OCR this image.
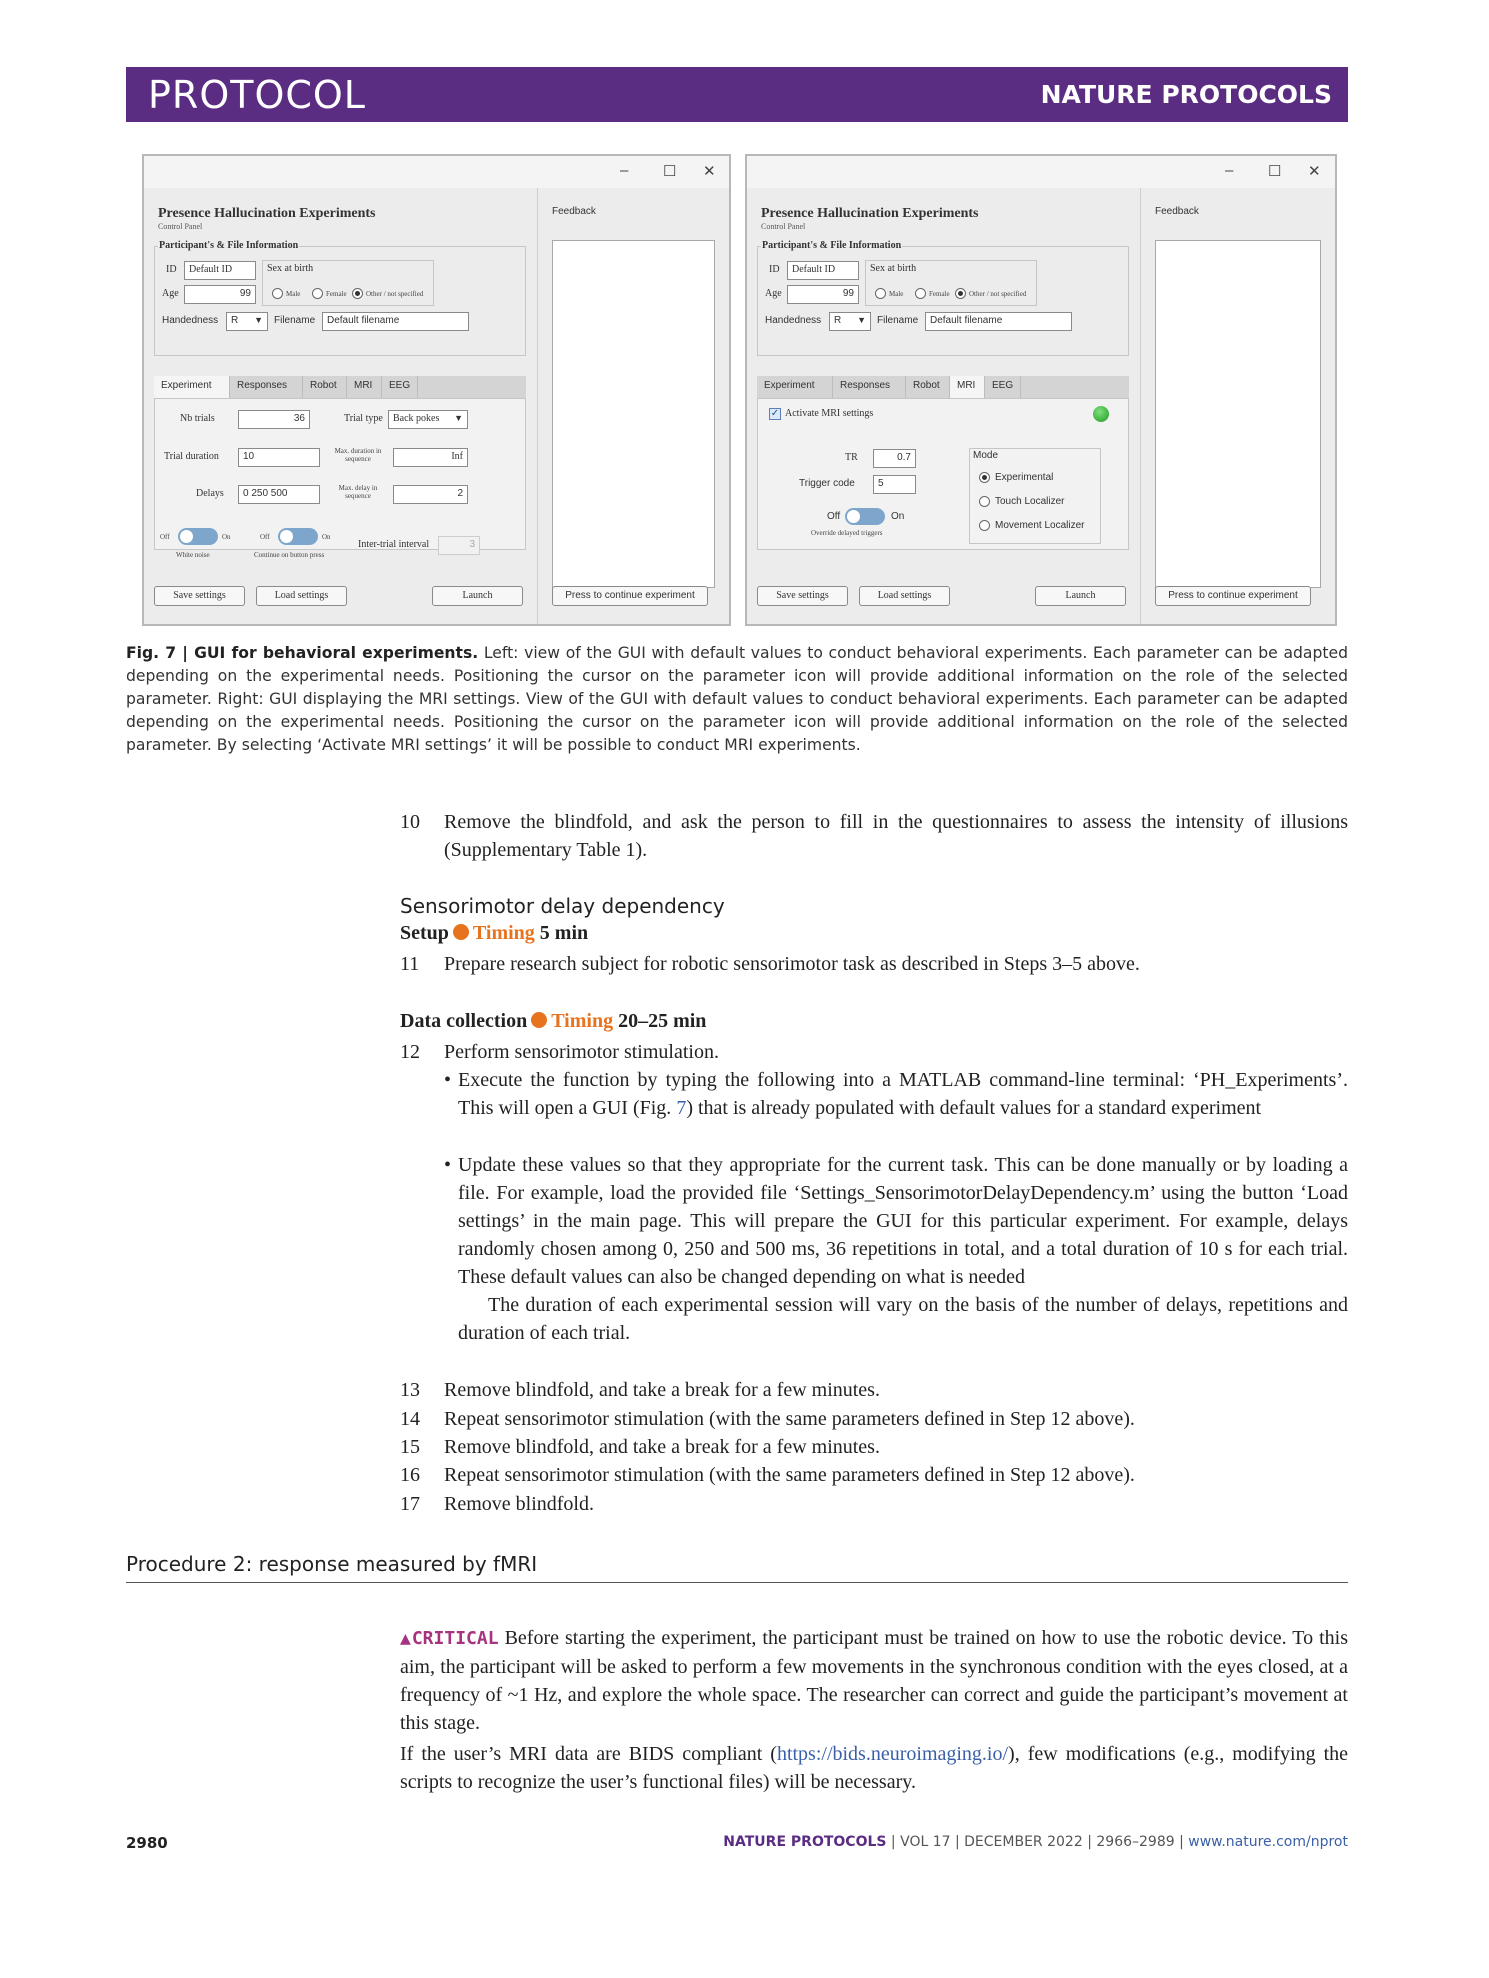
PROTOCOL	NATURE PROTOCOLS
– ☐ ✕
Presence Hallucination Experiments
Control Panel
Participant's & File Information
ID	Default ID	Sex at birth
Age	99	Male	Female	Other / not specified
Handedness	R ▼ Filename	Default filename
Experiment	Responses	Robot	MRI	EEG
Nb trials	36	Trial type	Back pokes ▼
Trial duration	10	Max. duration in sequence	Inf
Delays	0 250 500	Max. delay in sequence	2
Off	On
White noise
Off	On
Continue on button press
Inter-trial interval	3
Save settings	Load settings	Launch
Feedback
Press to continue experiment
– ☐ ✕
Presence Hallucination Experiments
Control Panel
Participant's & File Information
ID	Default ID	Sex at birth
Age	99	Male	Female	Other / not specified
Handedness	R ▼ Filename	Default filename
Experiment	Responses	Robot	MRI	EEG
✓ Activate MRI settings
TR	0.7
Trigger code	5
Off	On
Override delayed triggers
Mode
Experimental
Touch Localizer
Movement Localizer
Save settings	Load settings	Launch
Feedback
Press to continue experiment
Fig. 7 | GUI for behavioral experiments. Left: view of the GUI with default values to conduct behavioral experiments. Each parameter can be adapted depending on the experimental needs. Positioning the cursor on the parameter icon will provide additional information on the role of the selected parameter. Right: GUI displaying the MRI settings. View of the GUI with default values to conduct behavioral experiments. Each parameter can be adapted depending on the experimental needs. Positioning the cursor on the parameter icon will provide additional information on the role of the selected parameter. By selecting ‘Activate MRI settings’ it will be possible to conduct MRI experiments.
10 Remove the blindfold, and ask the person to fill in the questionnaires to assess the intensity of illusions (Supplementary Table 1).
Sensorimotor delay dependency
Setup Timing 5 min
11 Prepare research subject for robotic sensorimotor task as described in Steps 3–5 above.
Data collection Timing 20–25 min
12 Perform sensorimotor stimulation.
• Execute the function by typing the following into a MATLAB command-line terminal: ‘PH_Experiments’. This will open a GUI (Fig. 7) that is already populated with default values for a standard experiment
• Update these values so that they appropriate for the current task. This can be done manually or by loading a file. For example, load the provided file ‘Settings_SensorimotorDelayDependency.m’ using the button ‘Load settings’ in the main page. This will prepare the GUI for this particular experiment. For example, delays randomly chosen among 0, 250 and 500 ms, 36 repetitions in total, and a total duration of 10 s for each trial. These default values can also be changed depending on what is needed
The duration of each experimental session will vary on the basis of the number of delays, repetitions and duration of each trial.
13 Remove blindfold, and take a break for a few minutes.
14 Repeat sensorimotor stimulation (with the same parameters defined in Step 12 above).
15 Remove blindfold, and take a break for a few minutes.
16 Repeat sensorimotor stimulation (with the same parameters defined in Step 12 above).
17 Remove blindfold.
Procedure 2: response measured by fMRI
▲CRITICAL Before starting the experiment, the participant must be trained on how to use the robotic device. To this aim, the participant will be asked to perform a few movements in the synchronous condition with the eyes closed, at a frequency of ~1 Hz, and explore the whole space. The researcher can correct and guide the participant’s movement at this stage.
If the user’s MRI data are BIDS compliant (https://bids.neuroimaging.io/), few modifications (e.g., modifying the scripts to recognize the user’s functional files) will be necessary.
2980	NATURE PROTOCOLS | VOL 17 | DECEMBER 2022 | 2966–2989 | www.nature.com/nprot
